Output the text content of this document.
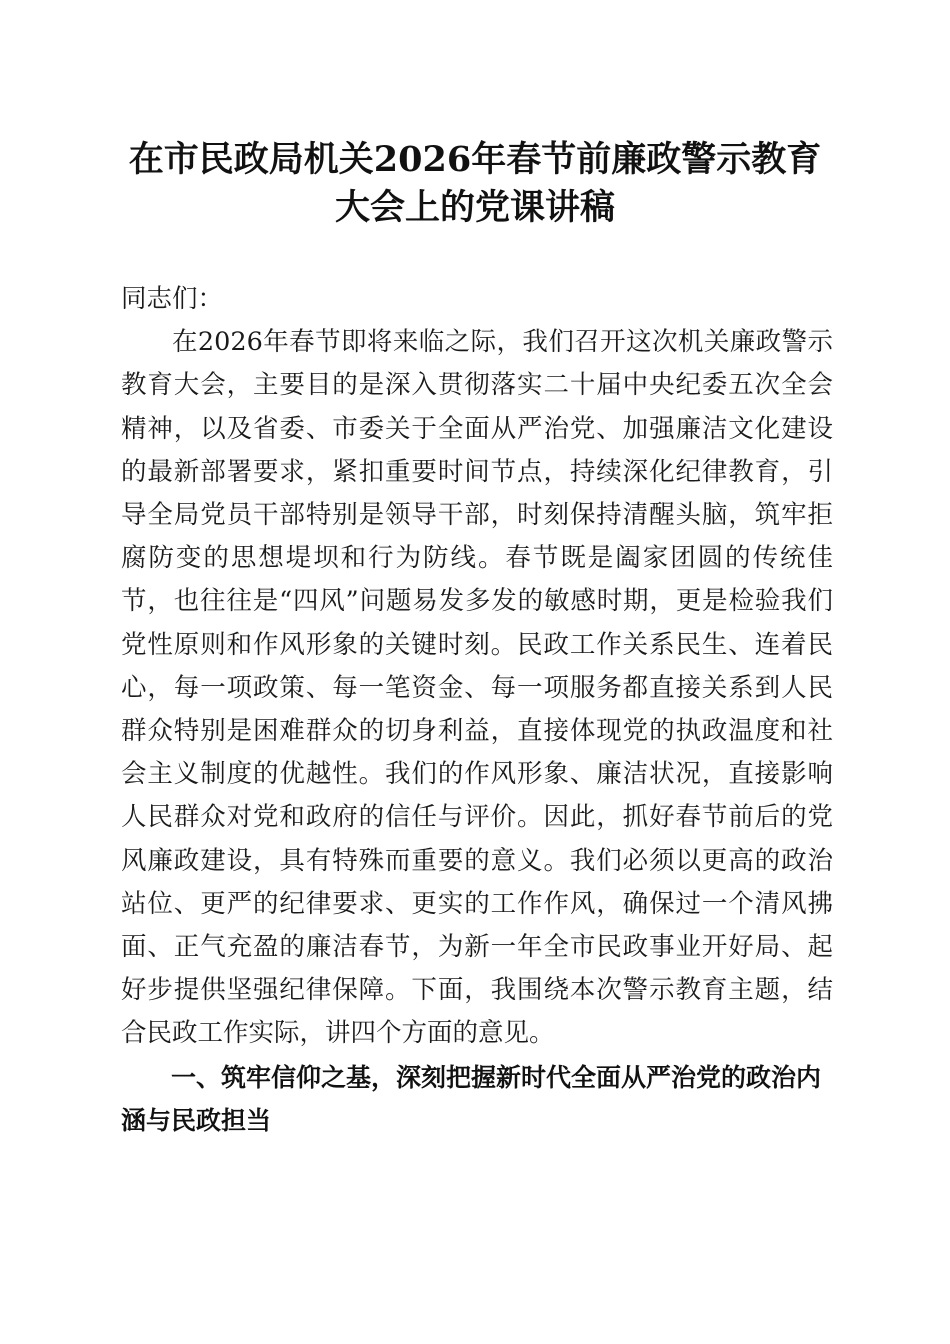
在市民政局机关2026年春节前廉政警示教育
大会上的党课讲稿

同志们：

在2026年春节即将来临之际，我们召开这次机关廉政警示教育大会，主要目的是深入贯彻落实二十届中央纪委五次全会精神，以及省委、市委关于全面从严治党、加强廉洁文化建设的最新部署要求，紧扣重要时间节点，持续深化纪律教育，引导全局党员干部特别是领导干部，时刻保持清醒头脑，筑牢拒腐防变的思想堤坝和行为防线。春节既是阖家团圆的传统佳节，也往往是“四风”问题易发多发的敏感时期，更是检验我们党性原则和作风形象的关键时刻。民政工作关系民生、连着民心，每一项政策、每一笔资金、每一项服务都直接关系到人民群众特别是困难群众的切身利益，直接体现党的执政温度和社会主义制度的优越性。我们的作风形象、廉洁状况，直接影响人民群众对党和政府的信任与评价。因此，抓好春节前后的党风廉政建设，具有特殊而重要的意义。我们必须以更高的政治站位、更严的纪律要求、更实的工作作风，确保过一个清风拂面、正气充盈的廉洁春节，为新一年全市民政事业开好局、起好步提供坚强纪律保障。下面，我围绕本次警示教育主题，结合民政工作实际，讲四个方面的意见。

一、筑牢信仰之基，深刻把握新时代全面从严治党的政治内涵与民政担当
